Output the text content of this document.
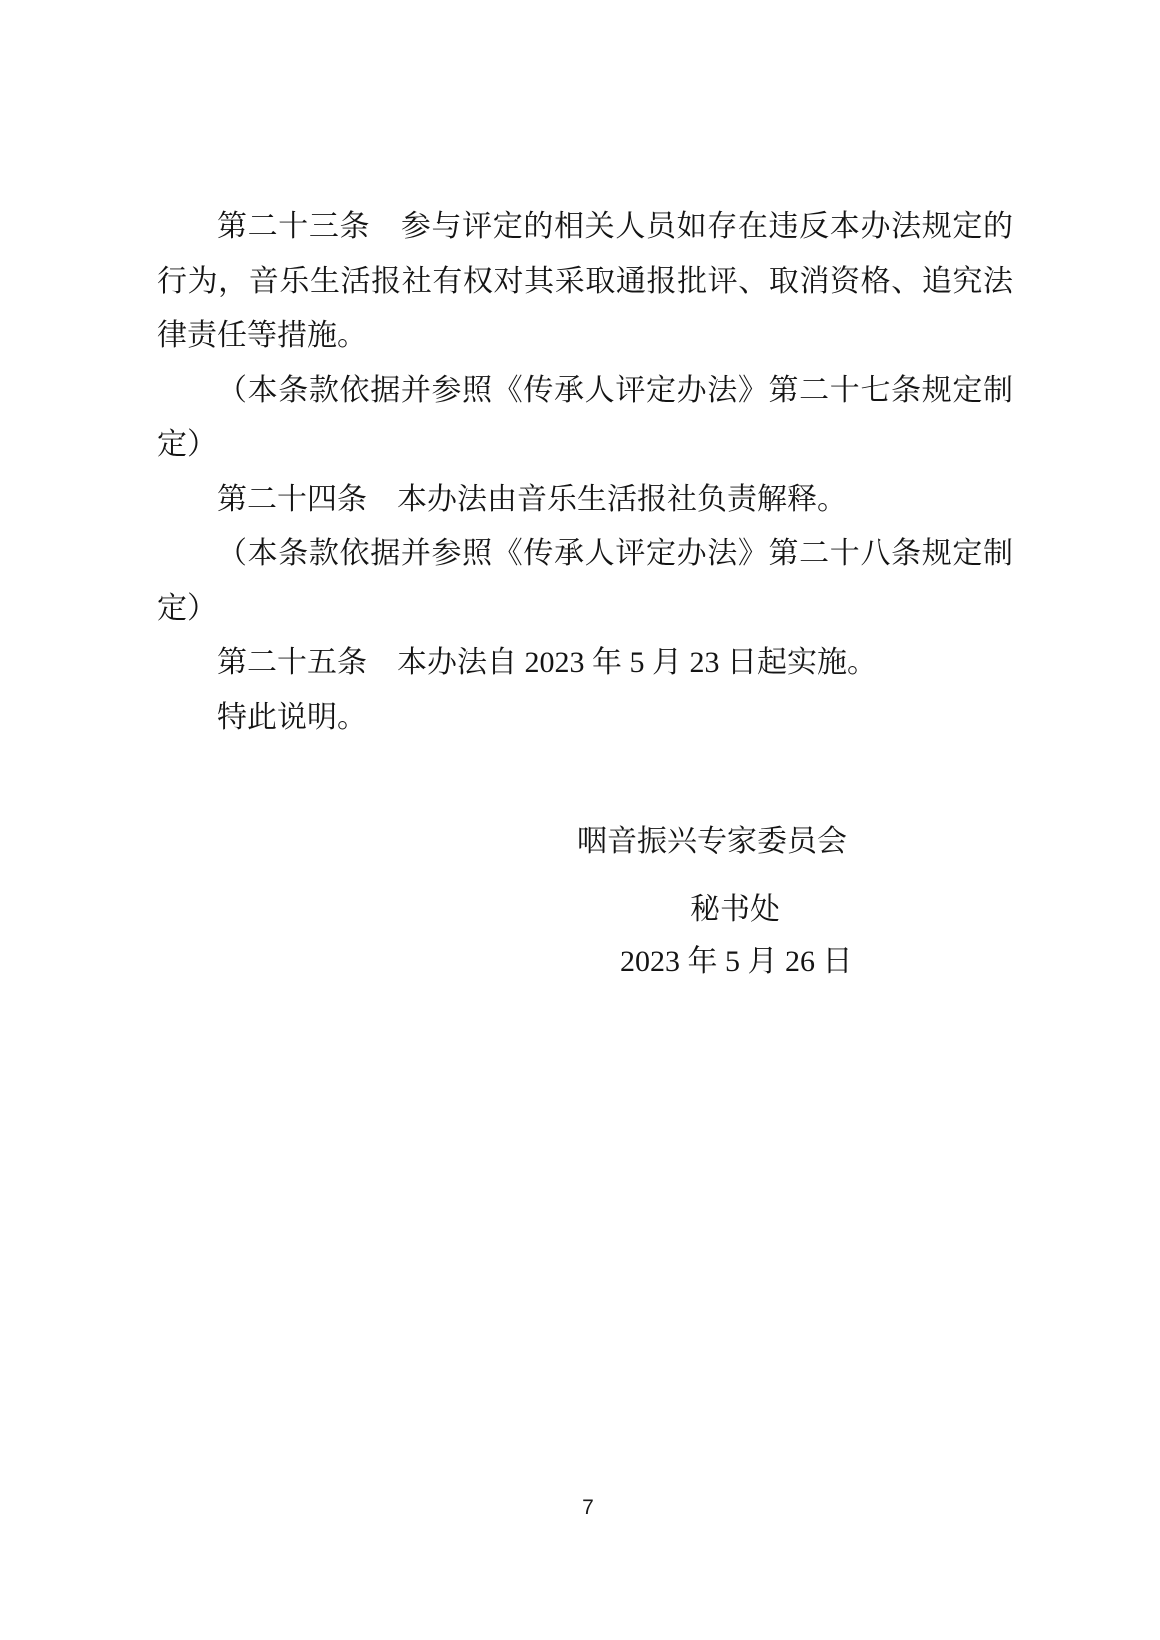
第二十三条　参与评定的相关人员如存在违反本办法规定的
行为，音乐生活报社有权对其采取通报批评、取消资格、追究法
律责任等措施。
（本条款依据并参照《传承人评定办法》第二十七条规定制
定）
第二十四条　本办法由音乐生活报社负责解释。
（本条款依据并参照《传承人评定办法》第二十八条规定制
定）
第二十五条　本办法自 2023 年 5 月 23 日起实施。
特此说明。
咽音振兴专家委员会
秘书处
2023 年 5 月 26 日
7
